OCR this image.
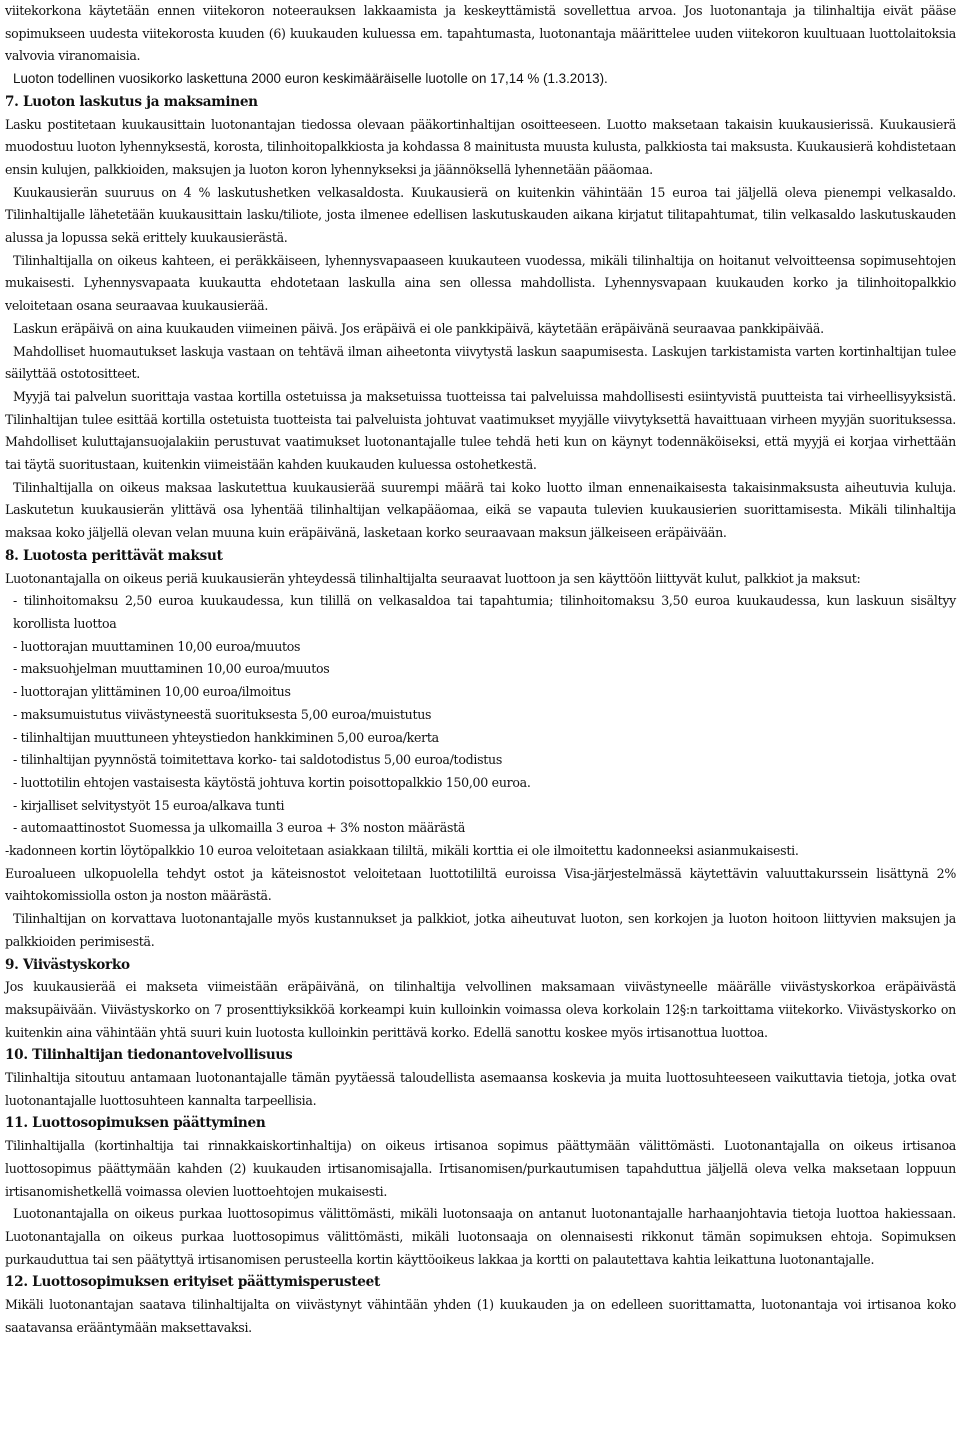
viitekorkona käytetään ennen viitekoron noteerauksen lakkaamista ja keskeyttämistä sovellettua arvoa. Jos luotonantaja ja tilinhaltija eivät pääse sopimukseen uudesta viitekorosta kuuden (6) kuukauden kuluessa em. tapahtumasta, luotonantaja määrittelee uuden viitekoron kuultuaan luottolaitoksia valvovia viranomaisia.

Luoton todellinen vuosikorko laskettuna 2000 euron keskimääräiselle luotolle on 17,14 % (1.3.2013).

7. Luoton laskutus ja maksaminen

Lasku postitetaan kuukausittain luotonantajan tiedossa olevaan pääkortinhaltijan osoitteeseen. Luotto maksetaan takaisin kuukausierissä. Kuukausierä muodostuu luoton lyhennyksestä, korosta, tilinhoitopalkkiosta ja kohdassa 8 mainitusta muusta kulusta, palkkiosta tai maksusta. Kuukausierä kohdistetaan ensin kulujen, palkkioiden, maksujen ja luoton koron lyhennykseksi ja jäännöksellä lyhennetään pääomaa.

Kuukausierän suuruus on 4 % laskutushetken velkasaldosta. Kuukausierä on kuitenkin vähintään 15 euroa tai jäljellä oleva pienempi velkasaldo. Tilinhaltijalle lähetetään kuukausittain lasku/tiliote, josta ilmenee edellisen laskutuskauden aikana kirjatut tilitapahtumat, tilin velkasaldo laskutuskauden alussa ja lopussa sekä erittely kuukausierästä.

Tilinhaltijalla on oikeus kahteen, ei peräkkäiseen, lyhennysvapaaseen kuukauteen vuodessa, mikäli tilinhaltija on hoitanut velvoitteensa sopimusehtojen mukaisesti. Lyhennysvapaata kuukautta ehdotetaan laskulla aina sen ollessa mahdollista. Lyhennysvapaan kuukauden korko ja tilinhoitopalkkio veloitetaan osana seuraavaa kuukausierää.

Laskun eräpäivä on aina kuukauden viimeinen päivä. Jos eräpäivä ei ole pankkipäivä, käytetään eräpäivänä seuraavaa pankkipäivää.

Mahdolliset huomautukset laskuja vastaan on tehtävä ilman aiheetonta viivytystä laskun saapumisesta. Laskujen tarkistamista varten kortinhaltijan tulee säilyttää ostotositteet.

Myyjä tai palvelun suorittaja vastaa kortilla ostetuissa ja maksetuissa tuotteissa tai palveluissa mahdollisesti esiintyvistä puutteista tai virheellisyyksistä. Tilinhaltijan tulee esittää kortilla ostetuista tuotteista tai palveluista johtuvat vaatimukset myyjälle viivytyksettä havaittuaan virheen myyjän suorituksessa. Mahdolliset kuluttajansuojalakiin perustuvat vaatimukset luotonantajalle tulee tehdä heti kun on käynyt todennäköiseksi, että myyjä ei korjaa virhettään tai täytä suoritustaan, kuitenkin viimeistään kahden kuukauden kuluessa ostohetkestä.

Tilinhaltijalla on oikeus maksaa laskutettua kuukausierää suurempi määrä tai koko luotto ilman ennenaikaisesta takaisinmaksusta aiheutuvia kuluja. Laskutetun kuukausierän ylittävä osa lyhentää tilinhaltijan velkapääomaa, eikä se vapauta tulevien kuukausierien suorittamisesta. Mikäli tilinhaltija maksaa koko jäljellä olevan velan muuna kuin eräpäivänä, lasketaan korko seuraavaan maksun jälkeiseen eräpäivään.

8. Luotosta perittävät maksut

Luotonantajalla on oikeus periä kuukausierän yhteydessä tilinhaltijalta seuraavat luottoon ja sen käyttöön liittyvät kulut, palkkiot ja maksut:

- tilinhoitomaksu 2,50 euroa kuukaudessa, kun tilillä on velkasaldoa tai tapahtumia; tilinhoitomaksu 3,50 euroa kuukaudessa, kun laskuun sisältyy korollista luottoa
- luottorajan muuttaminen 10,00 euroa/muutos
- maksuohjelman muuttaminen 10,00 euroa/muutos
- luottorajan ylittäminen 10,00 euroa/ilmoitus
- maksumuistutus viivästyneestä suorituksesta 5,00 euroa/muistutus
- tilinhaltijan muuttuneen yhteystiedon hankkiminen 5,00 euroa/kerta
- tilinhaltijan pyynnöstä toimitettava korko- tai saldotodistus 5,00 euroa/todistus
- luottotilin ehtojen vastaisesta käytöstä johtuva kortin poisottopalkkio 150,00 euroa.
- kirjalliset selvitystyöt 15 euroa/alkava tunti
- automaattinostot Suomessa ja ulkomailla 3 euroa + 3% noston määrästä
-kadonneen kortin löytöpalkkio 10 euroa veloitetaan asiakkaan tililtä, mikäli korttia ei ole ilmoitettu kadonneeksi asianmukaisesti.

Euroalueen ulkopuolella tehdyt ostot ja käteisnostot veloitetaan luottotililtä euroissa Visa-järjestelmässä käytettävin valuuttakurssein lisättynä 2% vaihtokomissiolla oston ja noston määrästä.

Tilinhaltijan on korvattava luotonantajalle myös kustannukset ja palkkiot, jotka aiheutuvat luoton, sen korkojen ja luoton hoitoon liittyvien maksujen ja palkkioiden perimisestä.

9. Viivästyskorko

Jos kuukausierää ei makseta viimeistään eräpäivänä, on tilinhaltija velvollinen maksamaan viivästyneelle määrälle viivästyskorkoa eräpäivästä maksupäivään. Viivästyskorko on 7 prosenttiyksikköä korkeampi kuin kulloinkin voimassa oleva korkolain 12§:n tarkoittama viitekorko. Viivästyskorko on kuitenkin aina vähintään yhtä suuri kuin luotosta kulloinkin perittävä korko. Edellä sanottu koskee myös irtisanottua luottoa.

10. Tilinhaltijan tiedonantovelvollisuus

Tilinhaltija sitoutuu antamaan luotonantajalle tämän pyytäessä taloudellista asemaansa koskevia ja muita luottosuhteeseen vaikuttavia tietoja, jotka ovat luotonantajalle luottosuhteen kannalta tarpeellisia.

11. Luottosopimuksen päättyminen

Tilinhaltijalla (kortinhaltija tai rinnakkaiskortinhaltija) on oikeus irtisanoa sopimus päättymään välittömästi. Luotonantajalla on oikeus irtisanoa luottosopimus päättymään kahden (2) kuukauden irtisanomisajalla. Irtisanomisen/purkautumisen tapahduttua jäljellä oleva velka maksetaan loppuun irtisanomishetkellä voimassa olevien luottoehtojen mukaisesti.

Luotonantajalla on oikeus purkaa luottosopimus välittömästi, mikäli luotonsaaja on antanut luotonantajalle harhaanjohtavia tietoja luottoa hakiessaan. Luotonantajalla on oikeus purkaa luottosopimus välittömästi, mikäli luotonsaaja on olennaisesti rikkonut tämän sopimuksen ehtoja. Sopimuksen purkauduttua tai sen päätyttyä irtisanomisen perusteella kortin käyttöoikeus lakkaa ja kortti on palautettava kahtia leikattuna luotonantajalle.

12. Luottosopimuksen erityiset päättymisperusteet

Mikäli luotonantajan saatava tilinhaltijalta on viivästynyt vähintään yhden (1) kuukauden ja on edelleen suorittamatta, luotonantaja voi irtisanoa koko saatavansa erääntymään maksettavaksi.
